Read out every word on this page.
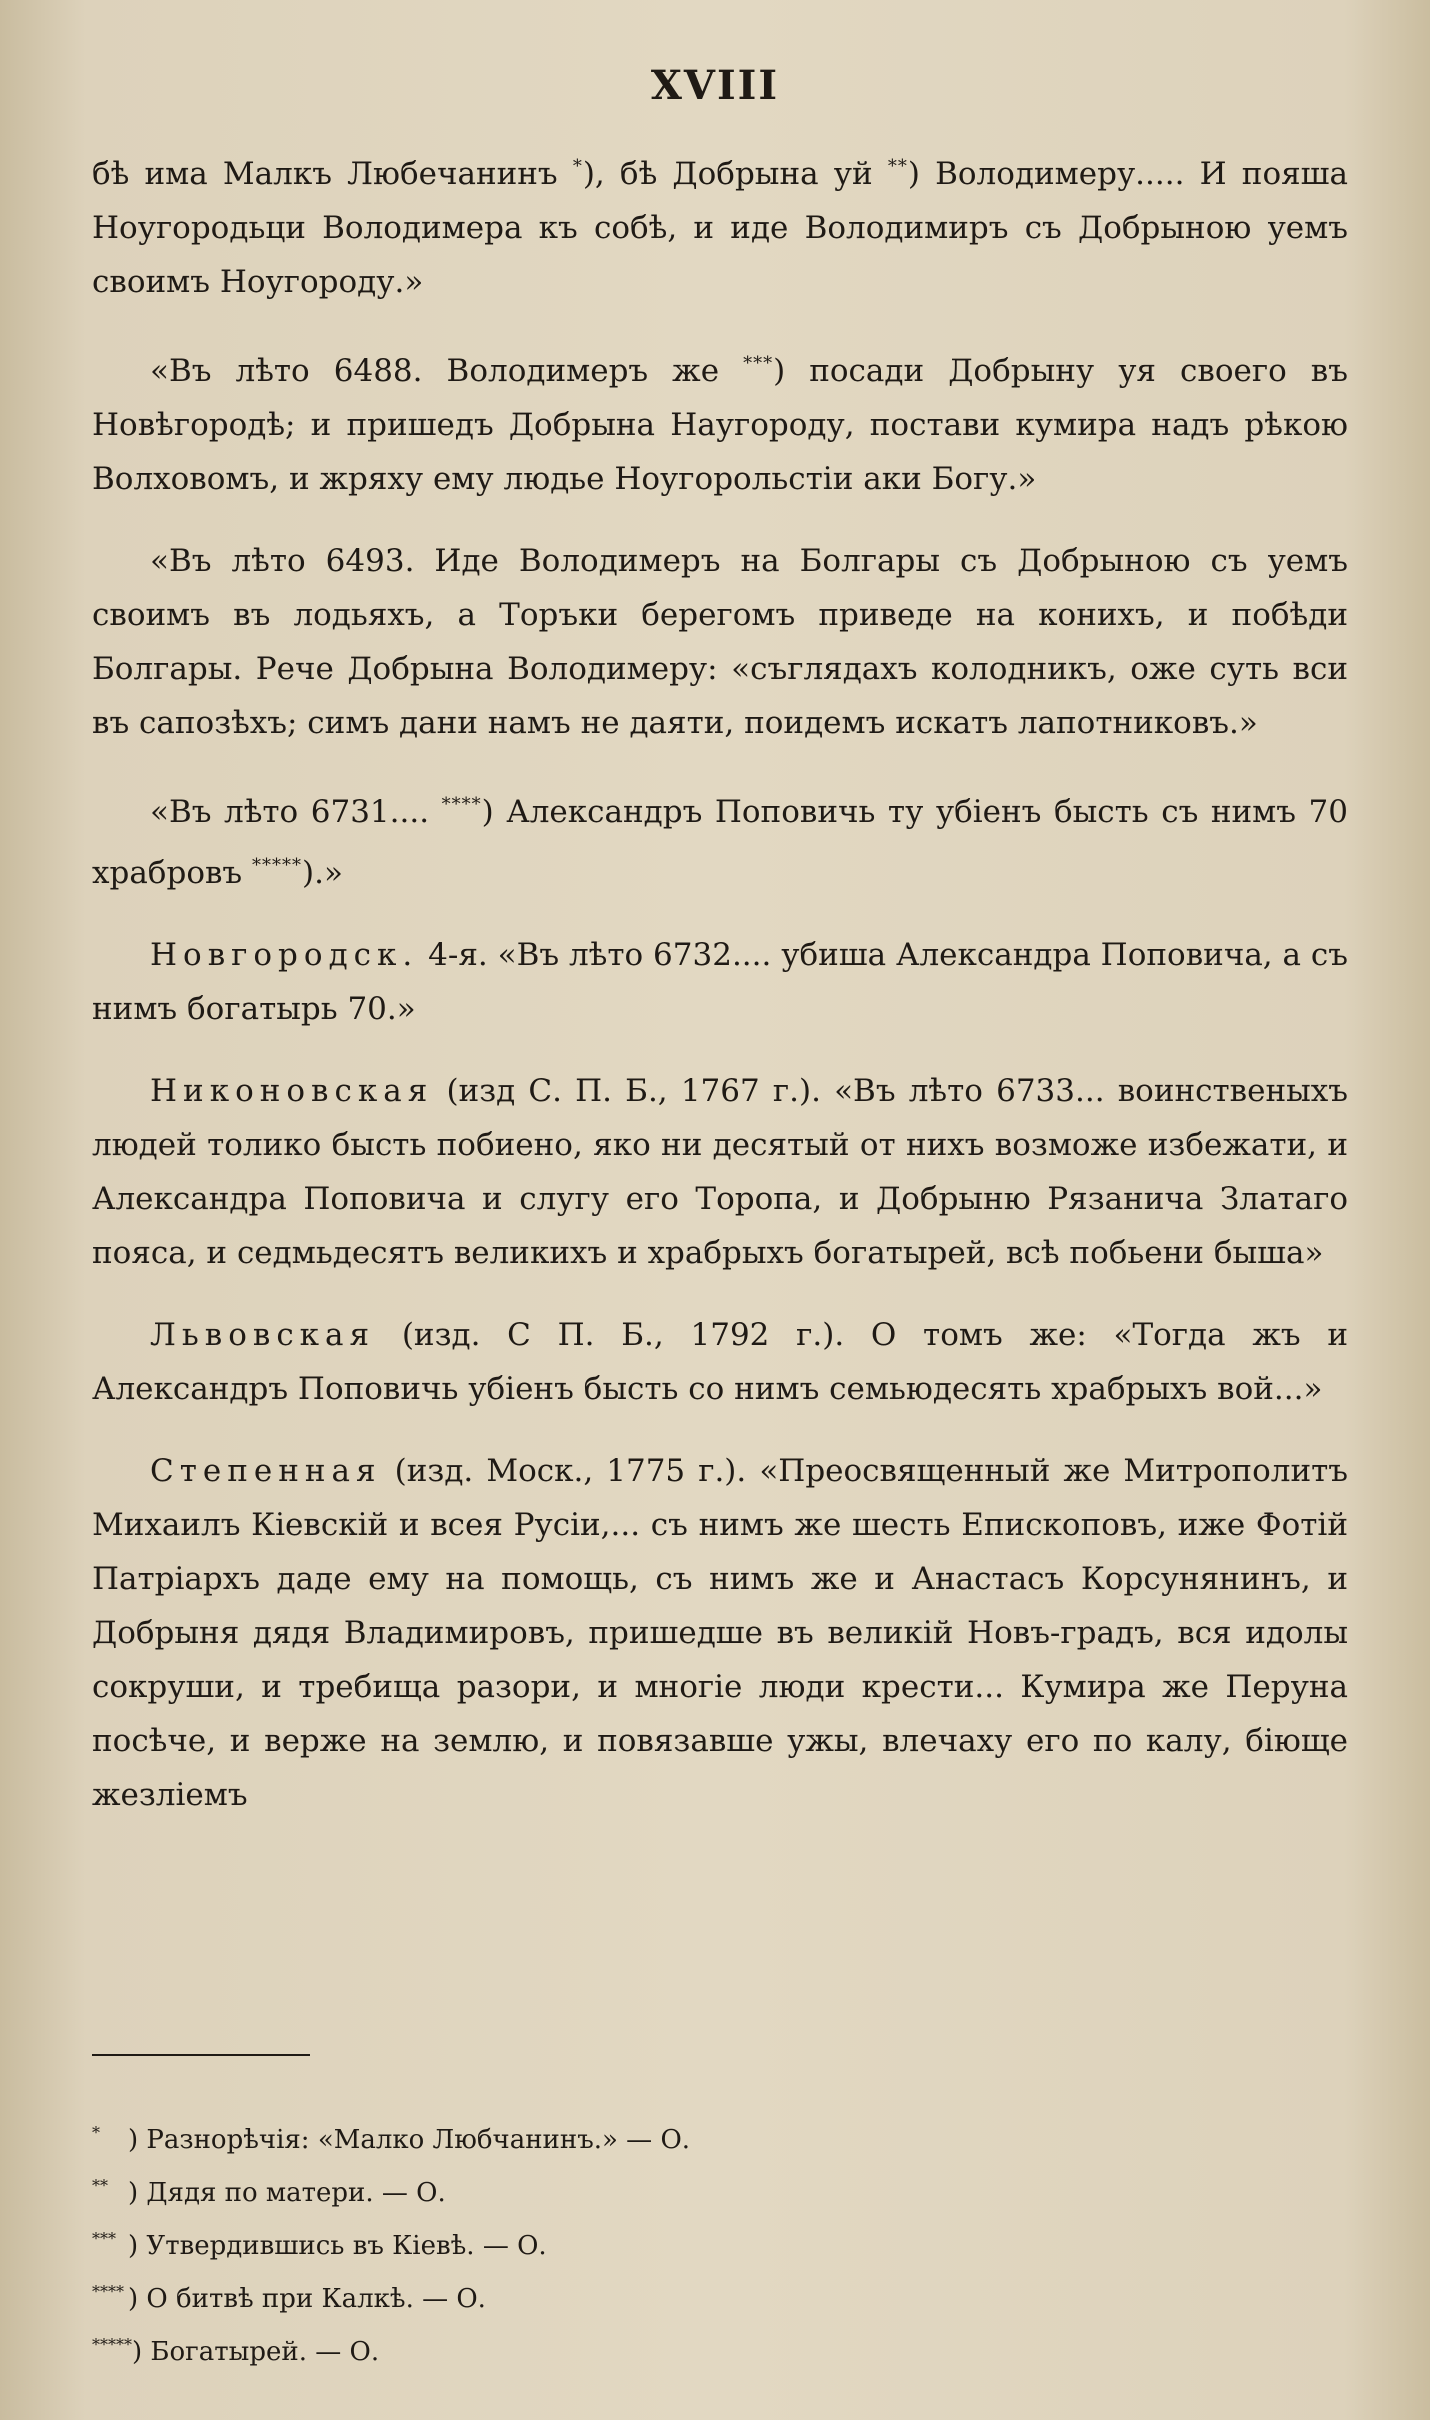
XVIII

бѣ има Малкъ Любечанинъ *), бѣ Добрына уй **) Володимеру..... И пояша Ноугородьци Володимера къ собѣ, и иде Володимиръ съ Добрыною уемъ своимъ Ноугороду.»

«Въ лѣто 6488. Володимеръ же ***) посади Добрыну уя своего въ Новѣгородѣ; и пришедъ Добрына Наугороду, постави кумира надъ рѣкою Волховомъ, и жряху ему людье Ноугорольстіи аки Богу.»

«Въ лѣто 6493. Иде Володимеръ на Болгары съ Добрыною съ уемъ своимъ въ лодьяхъ, а Торъки берегомъ приведе на конихъ, и побѣди Болгары. Рече Добрына Володимеру: «съглядахъ колодникъ, оже суть вси въ сапозѣхъ; симъ дани намъ не даяти, поидемъ искатъ лапотниковъ.»

«Въ лѣто 6731.... ****) Александръ Поповичь ту убіенъ бысть съ нимъ 70 храбровъ *****).»

Новгородск. 4-я. «Въ лѣто 6732.... убиша Александра Поповича, а съ нимъ богатырь 70.»

Никоновская (изд С. П. Б., 1767 г.). «Въ лѣто 6733... воинственыхъ людей толико бысть побиено, яко ни десятый от нихъ возможе избежати, и Александра Поповича и слугу его Торопа, и Добрыню Рязанича Златаго пояса, и седмьдесятъ великихъ и храбрыхъ богатырей, всѣ побьени быша»

Львовская (изд. С П. Б., 1792 г.). О томъ же: «Тогда жъ и Александръ Поповичь убіенъ бысть со нимъ семьюдесять храбрыхъ вой...»

Степенная (изд. Моск., 1775 г.). «Преосвященный же Митрополитъ Михаилъ Кіевскій и всея Русіи,... съ нимъ же шесть Епископовъ, иже Фотій Патріархъ даде ему на помощь, съ нимъ же и Анастасъ Корсунянинъ, и Добрыня дядя Владимировъ, пришедше въ великій Новъ-градъ, вся идолы сокруши, и требища разори, и многіе люди крести... Кумира же Перуна посѣче, и верже на землю, и повязавше ужы, влечаху его по калу, біюще жезліемъ

* ) Разнорѣчія: «Малко Любчанинъ.» — О.

** ) Дядя по матери. — О.

*** ) Утвердившись въ Кіевѣ. — О.

**** ) О битвѣ при Калкѣ. — О.

*****) Богатырей. — О.
